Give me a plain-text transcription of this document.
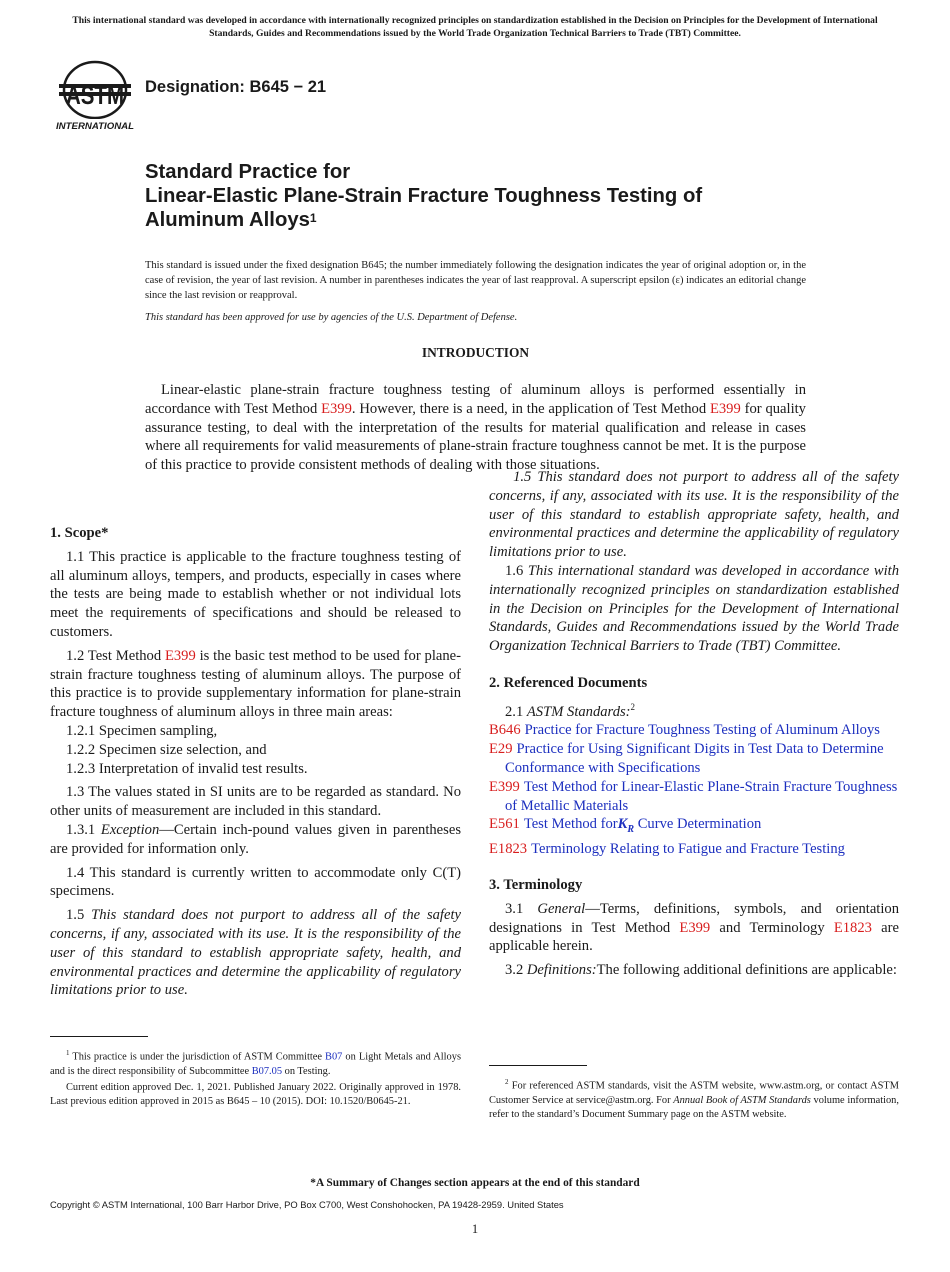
This international standard was developed in accordance with internationally recognized principles on standardization established in the Decision on Principles for the Development of International Standards, Guides and Recommendations issued by the World Trade Organization Technical Barriers to Trade (TBT) Committee.
ASTM
INTERNATIONAL
Designation: B645 − 21
Standard Practice for
Linear-Elastic Plane-Strain Fracture Toughness Testing of
Aluminum Alloys$^1$
This standard is issued under the fixed designation B645; the number immediately following the designation indicates the year of original adoption or, in the case of revision, the year of last revision. A number in parentheses indicates the year of last reapproval. A superscript epsilon (ε) indicates an editorial change since the last revision or reapproval.
This standard has been approved for use by agencies of the U.S. Department of Defense.
INTRODUCTION

Linear-elastic plane-strain fracture toughness testing of aluminum alloys is performed essentially in accordance with Test Method E399. However, there is a need, in the application of Test Method E399 for quality assurance testing, to deal with the interpretation of the results for material qualification and release in cases where all requirements for valid measurements of plane-strain fracture toughness cannot be met. It is the purpose of this practice to provide consistent methods of dealing with those situations.

1. Scope*

1.1 This practice is applicable to the fracture toughness testing of all aluminum alloys, tempers, and products, especially in cases where the tests are being made to establish whether or not individual lots meet the requirements of specifications and should be released to customers.

1.2 Test Method E399 is the basic test method to be used for plane-strain fracture toughness testing of aluminum alloys. The purpose of this practice is to provide supplementary information for plane-strain fracture toughness of aluminum alloys in three main areas:

1.2.1 Specimen sampling,
1.2.2 Specimen size selection, and
1.2.3 Interpretation of invalid test results.

1.3 The values stated in SI units are to be regarded as standard. No other units of measurement are included in this standard.

1.3.1 Exception—Certain inch-pound values given in parentheses are provided for information only.

1.4 This standard is currently written to accommodate only C(T) specimens.

1.5 This standard does not purport to address all of the safety concerns, if any, associated with its use. It is the responsibility of the user of this standard to establish appropriate safety, health, and environmental practices and determine the applicability of regulatory limitations prior to use.

$^1$ This practice is under the jurisdiction of ASTM Committee B07 on Light Metals and Alloys and is the direct responsibility of Subcommittee B07.05 on Testing.

Current edition approved Dec. 1, 2021. Published January 2022. Originally approved in 1978. Last previous edition approved in 2015 as B645 – 10 (2015). DOI: 10.1520/B0645-21.

1.5 This standard does not purport to address all of the safety concerns, if any, associated with its use. It is the responsibility of the user of this standard to establish appropriate safety, health, and environmental practices and determine the applicability of regulatory limitations prior to use.

1.6 This international standard was developed in accordance with internationally recognized principles on standardization established in the Decision on Principles for the Development of International Standards, Guides and Recommendations issued by the World Trade Organization Technical Barriers to Trade (TBT) Committee.

2. Referenced Documents
2.1 ASTM Standards:$^2$
B646 Practice for Fracture Toughness Testing of Aluminum Alloys
E29 Practice for Using Significant Digits in Test Data to Determine Conformance with Specifications
E399 Test Method for Linear-Elastic Plane-Strain Fracture Toughness of Metallic Materials
E561 Test Method forK$_R$ Curve Determination
E1823 Terminology Relating to Fatigue and Fracture Testing
3. Terminology

3.1 General—Terms, definitions, symbols, and orientation designations in Test Method E399 and Terminology E1823 are applicable herein.

3.2 Definitions:The following additional definitions are applicable:

$^2$ For referenced ASTM standards, visit the ASTM website, www.astm.org, or contact ASTM Customer Service at service@astm.org. For Annual Book of ASTM Standards volume information, refer to the standard’s Document Summary page on the ASTM website.

*A Summary of Changes section appears at the end of this standard
Copyright © ASTM International, 100 Barr Harbor Drive, PO Box C700, West Conshohocken, PA 19428-2959. United States
1
